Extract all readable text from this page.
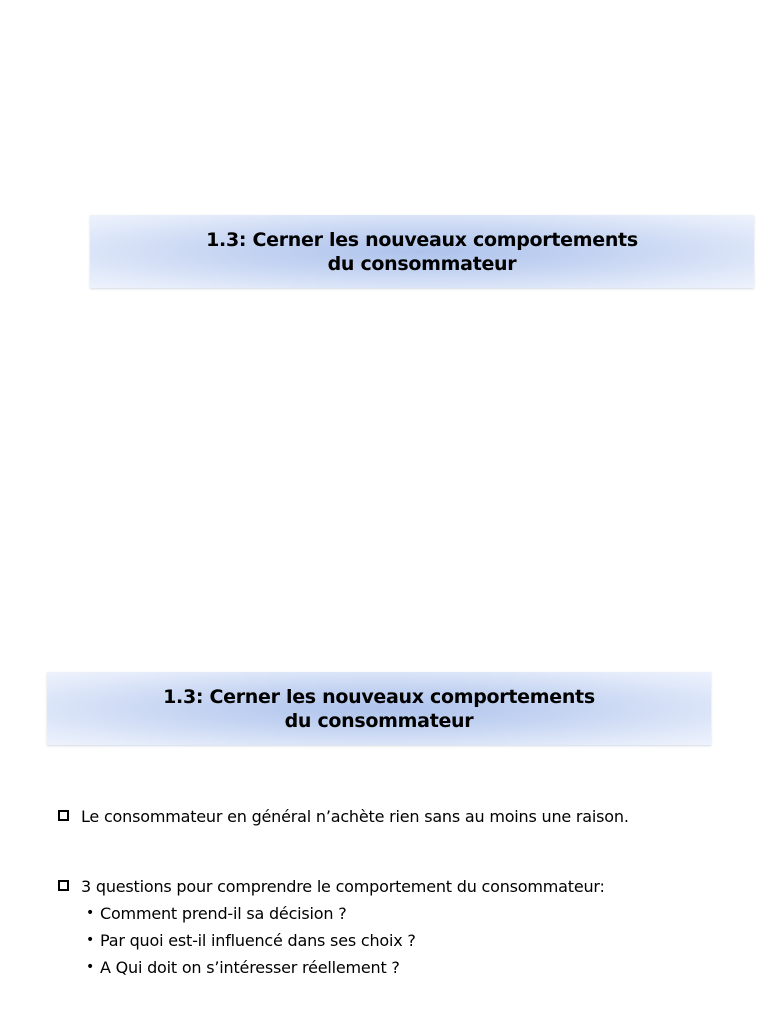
1.3: Cerner les nouveaux comportements
du consommateur
1.3: Cerner les nouveaux comportements
du consommateur
Le consommateur en général n’achète rien sans au moins une raison.
3 questions pour comprendre le comportement du consommateur:
• Comment prend-il sa décision ?
• Par quoi est-il influencé dans ses choix ?
• A Qui doit on s’intéresser réellement ?
